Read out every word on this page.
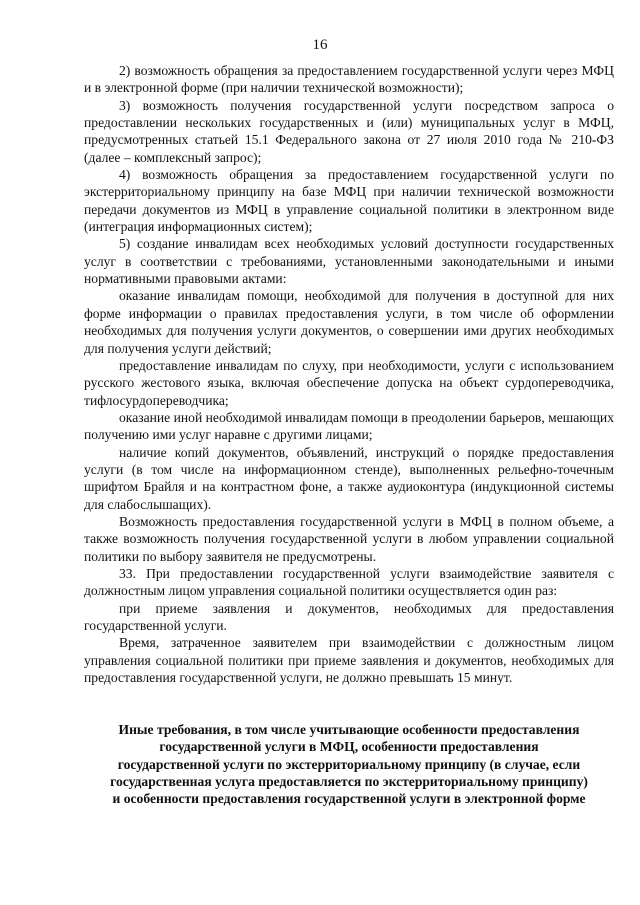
16

2) возможность обращения за предоставлением государственной услуги через МФЦ и в электронной форме (при наличии технической возможности);

3) возможность получения государственной услуги посредством запроса о предоставлении нескольких государственных и (или) муниципальных услуг в МФЦ, предусмотренных статьей 15.1 Федерального закона от 27 июля 2010 года № 210-ФЗ (далее – комплексный запрос);

4) возможность обращения за предоставлением государственной услуги по экстерриториальному принципу на базе МФЦ при наличии технической возможности передачи документов из МФЦ в управление социальной политики в электронном виде (интеграция информационных систем);

5) создание инвалидам всех необходимых условий доступности государственных услуг в соответствии с требованиями, установленными законодательными и иными нормативными правовыми актами:

оказание инвалидам помощи, необходимой для получения в доступной для них форме информации о правилах предоставления услуги, в том числе об оформлении необходимых для получения услуги документов, о совершении ими других необходимых для получения услуги действий;

предоставление инвалидам по слуху, при необходимости, услуги с использованием русского жестового языка, включая обеспечение допуска на объект сурдопереводчика, тифлосурдопереводчика;

оказание иной необходимой инвалидам помощи в преодолении барьеров, мешающих получению ими услуг наравне с другими лицами;

наличие копий документов, объявлений, инструкций о порядке предоставления услуги (в том числе на информационном стенде), выполненных рельефно-точечным шрифтом Брайля и на контрастном фоне, а также аудиоконтура (индукционной системы для слабослышащих).

Возможность предоставления государственной услуги в МФЦ в полном объеме, а также возможность получения государственной услуги в любом управлении социальной политики по выбору заявителя не предусмотрены.

33. При предоставлении государственной услуги взаимодействие заявителя с должностным лицом управления социальной политики осуществляется один раз:

при приеме заявления и документов, необходимых для предоставления государственной услуги.

Время, затраченное заявителем при взаимодействии с должностным лицом управления социальной политики при приеме заявления и документов, необходимых для предоставления государственной услуги, не должно превышать 15 минут.

Иные требования, в том числе учитывающие особенности предоставления

государственной услуги в МФЦ, особенности предоставления

государственной услуги по экстерриториальному принципу (в случае, если

государственная услуга предоставляется по экстерриториальному принципу)

и особенности предоставления государственной услуги в электронной форме
